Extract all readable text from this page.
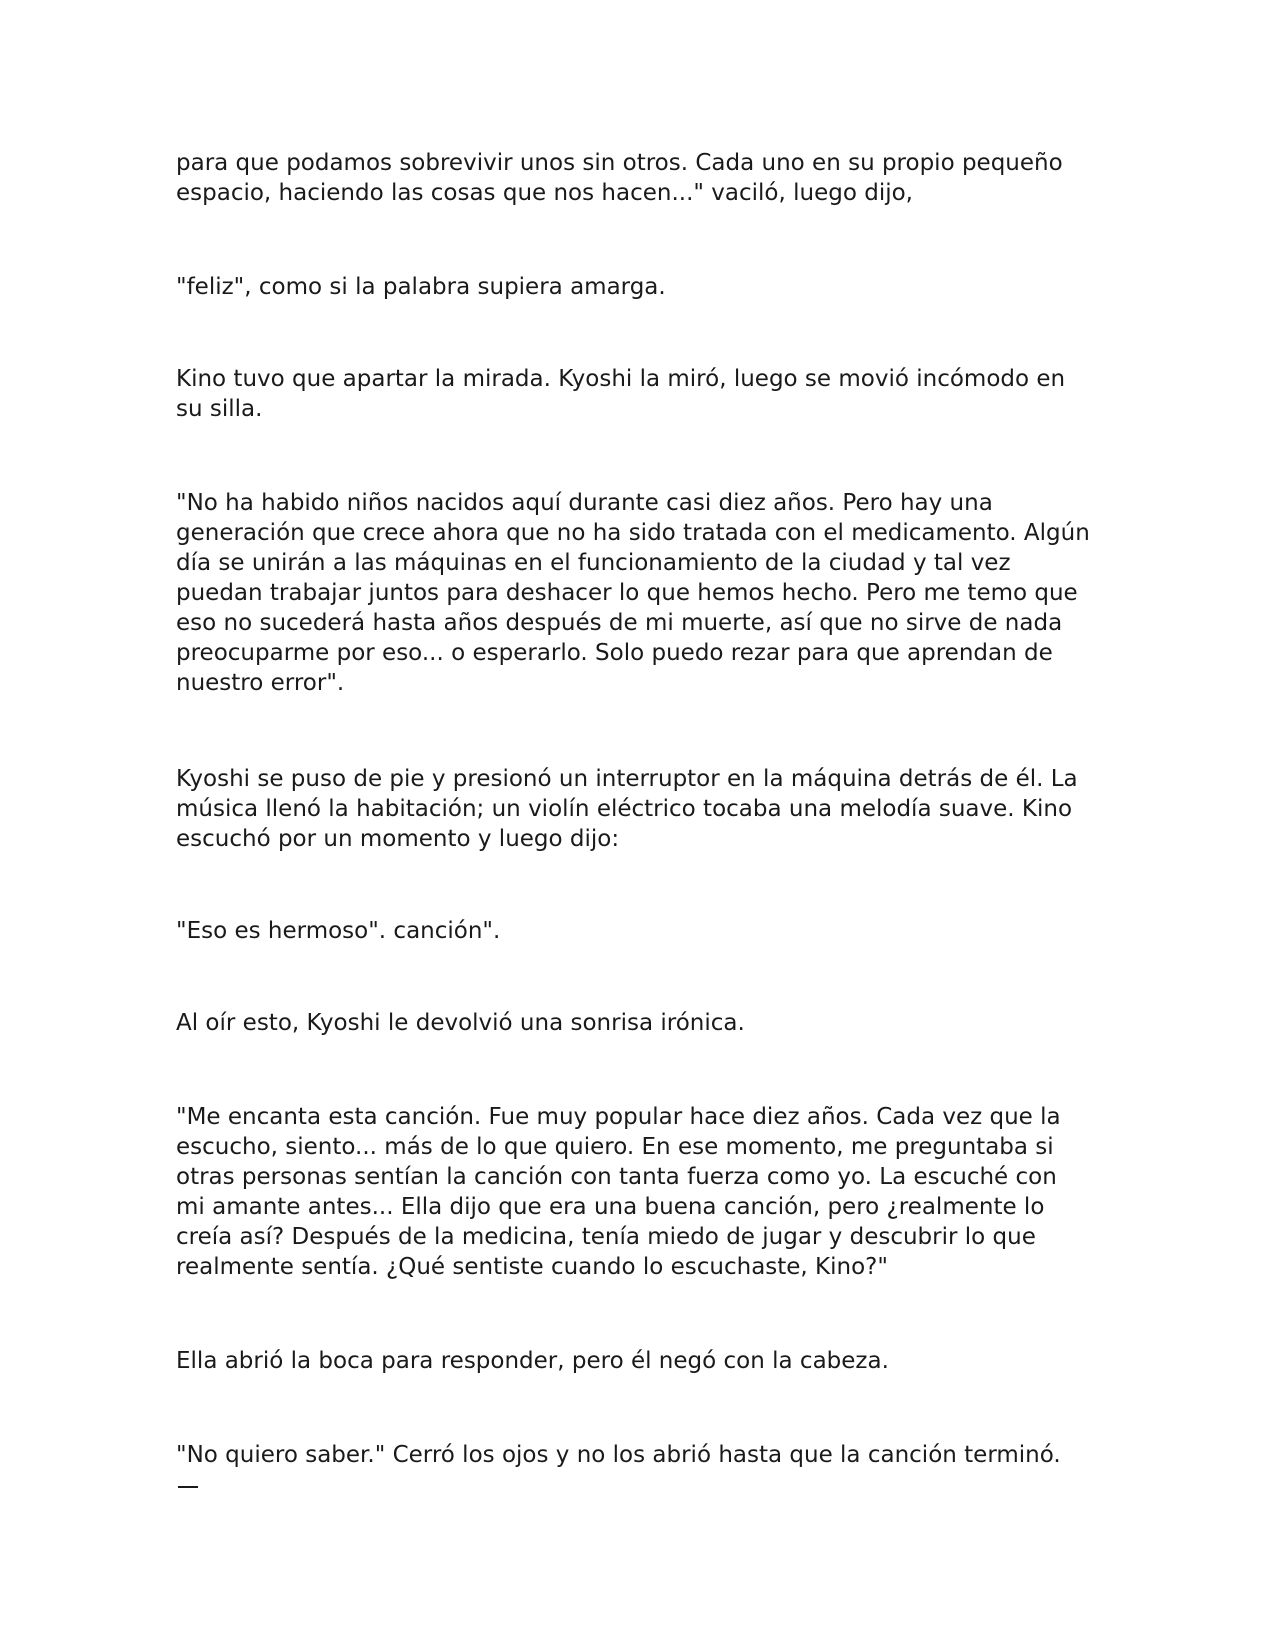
para que podamos sobrevivir unos sin otros. Cada uno en su propio pequeño
espacio, haciendo las cosas que nos hacen..." vaciló, luego dijo,

"feliz", como si la palabra supiera amarga.

Kino tuvo que apartar la mirada. Kyoshi la miró, luego se movió incómodo en
su silla.

"No ha habido niños nacidos aquí durante casi diez años. Pero hay una
generación que crece ahora que no ha sido tratada con el medicamento. Algún
día se unirán a las máquinas en el funcionamiento de la ciudad y tal vez
puedan trabajar juntos para deshacer lo que hemos hecho. Pero me temo que
eso no sucederá hasta años después de mi muerte, así que no sirve de nada
preocuparme por eso... o esperarlo. Solo puedo rezar para que aprendan de
nuestro error".

Kyoshi se puso de pie y presionó un interruptor en la máquina detrás de él. La
música llenó la habitación; un violín eléctrico tocaba una melodía suave. Kino
escuchó por un momento y luego dijo:

"Eso es hermoso". canción".

Al oír esto, Kyoshi le devolvió una sonrisa irónica.

"Me encanta esta canción. Fue muy popular hace diez años. Cada vez que la
escucho, siento... más de lo que quiero. En ese momento, me preguntaba si
otras personas sentían la canción con tanta fuerza como yo. La escuché con
mi amante antes... Ella dijo que era una buena canción, pero ¿realmente lo
creía así? Después de la medicina, tenía miedo de jugar y descubrir lo que
realmente sentía. ¿Qué sentiste cuando lo escuchaste, Kino?"

Ella abrió la boca para responder, pero él negó con la cabeza.

"No quiero saber." Cerró los ojos y no los abrió hasta que la canción terminó.
